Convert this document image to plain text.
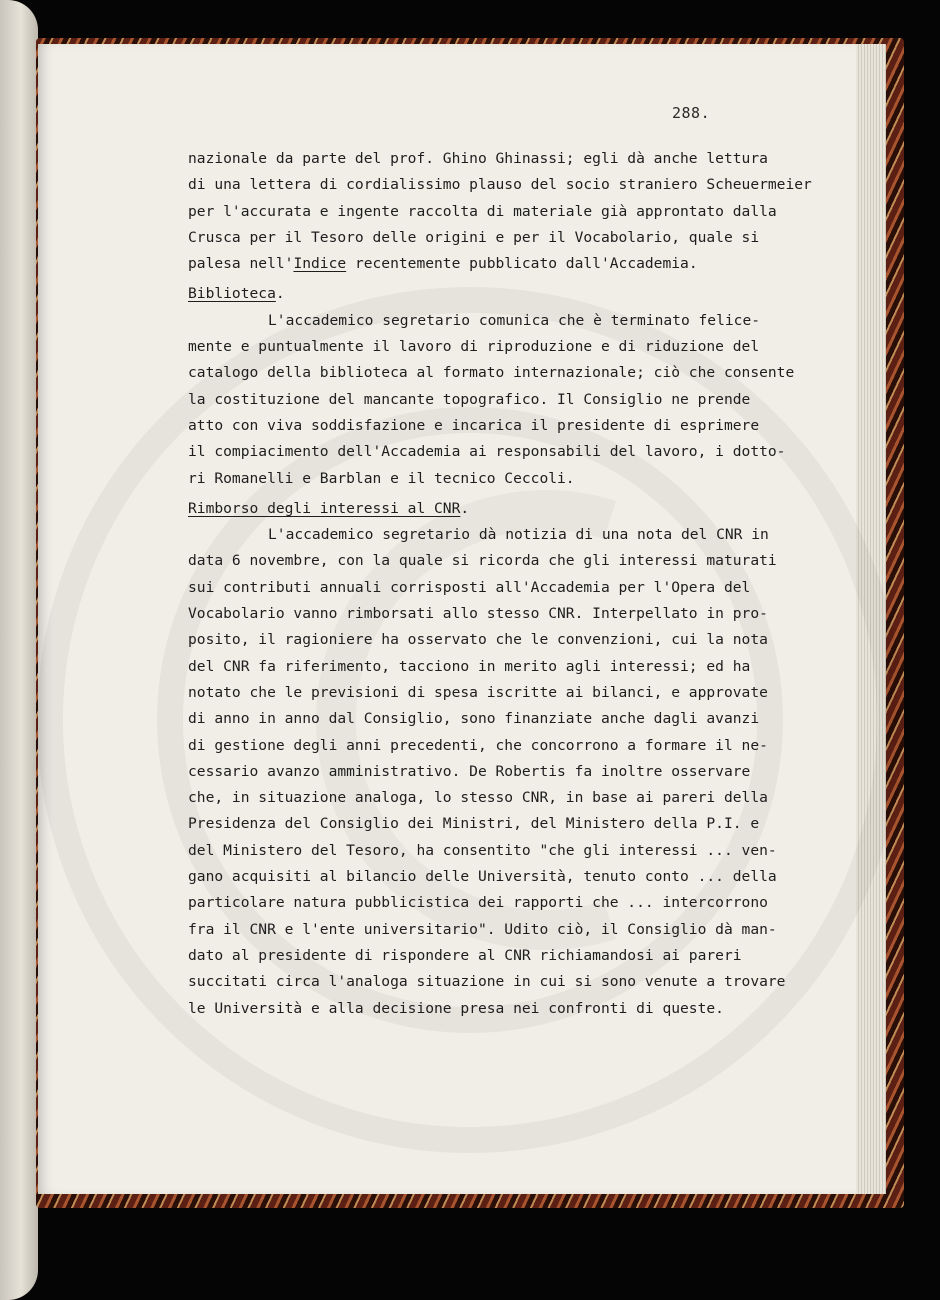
288.
nazionale da parte del prof. Ghino Ghinassi; egli dà anche lettura
di una lettera di cordialissimo plauso del socio straniero Scheuermeier
per l'accurata e ingente raccolta di materiale già approntato dalla
Crusca per il Tesoro delle origini e per il Vocabolario, quale si
palesa nell'Indice recentemente pubblicato dall'Accademia.
Biblioteca.
L'accademico segretario comunica che è terminato felice-
mente e puntualmente il lavoro di riproduzione e di riduzione del
catalogo della biblioteca al formato internazionale; ciò che consente
la costituzione del mancante topografico. Il Consiglio ne prende
atto con viva soddisfazione e incarica il presidente di esprimere
il compiacimento dell'Accademia ai responsabili del lavoro, i dotto-
ri Romanelli e Barblan e il tecnico Ceccoli.
Rimborso degli interessi al CNR.
L'accademico segretario dà notizia di una nota del CNR in
data 6 novembre, con la quale si ricorda che gli interessi maturati
sui contributi annuali corrisposti all'Accademia per l'Opera del
Vocabolario vanno rimborsati allo stesso CNR. Interpellato in pro-
posito, il ragioniere ha osservato che le convenzioni, cui la nota
del CNR fa riferimento, tacciono in merito agli interessi; ed ha
notato che le previsioni di spesa iscritte ai bilanci, e approvate
di anno in anno dal Consiglio, sono finanziate anche dagli avanzi
di gestione degli anni precedenti, che concorrono a formare il ne-
cessario avanzo amministrativo. De Robertis fa inoltre osservare
che, in situazione analoga, lo stesso CNR, in base ai pareri della
Presidenza del Consiglio dei Ministri, del Ministero della P.I. e
del Ministero del Tesoro, ha consentito "che gli interessi ... ven-
gano acquisiti al bilancio delle Università, tenuto conto ... della
particolare natura pubblicistica dei rapporti che ... intercorrono
fra il CNR e l'ente universitario". Udito ciò, il Consiglio dà man-
dato al presidente di rispondere al CNR richiamandosi ai pareri
succitati circa l'analoga situazione in cui si sono venute a trovare
le Università e alla decisione presa nei confronti di queste.
